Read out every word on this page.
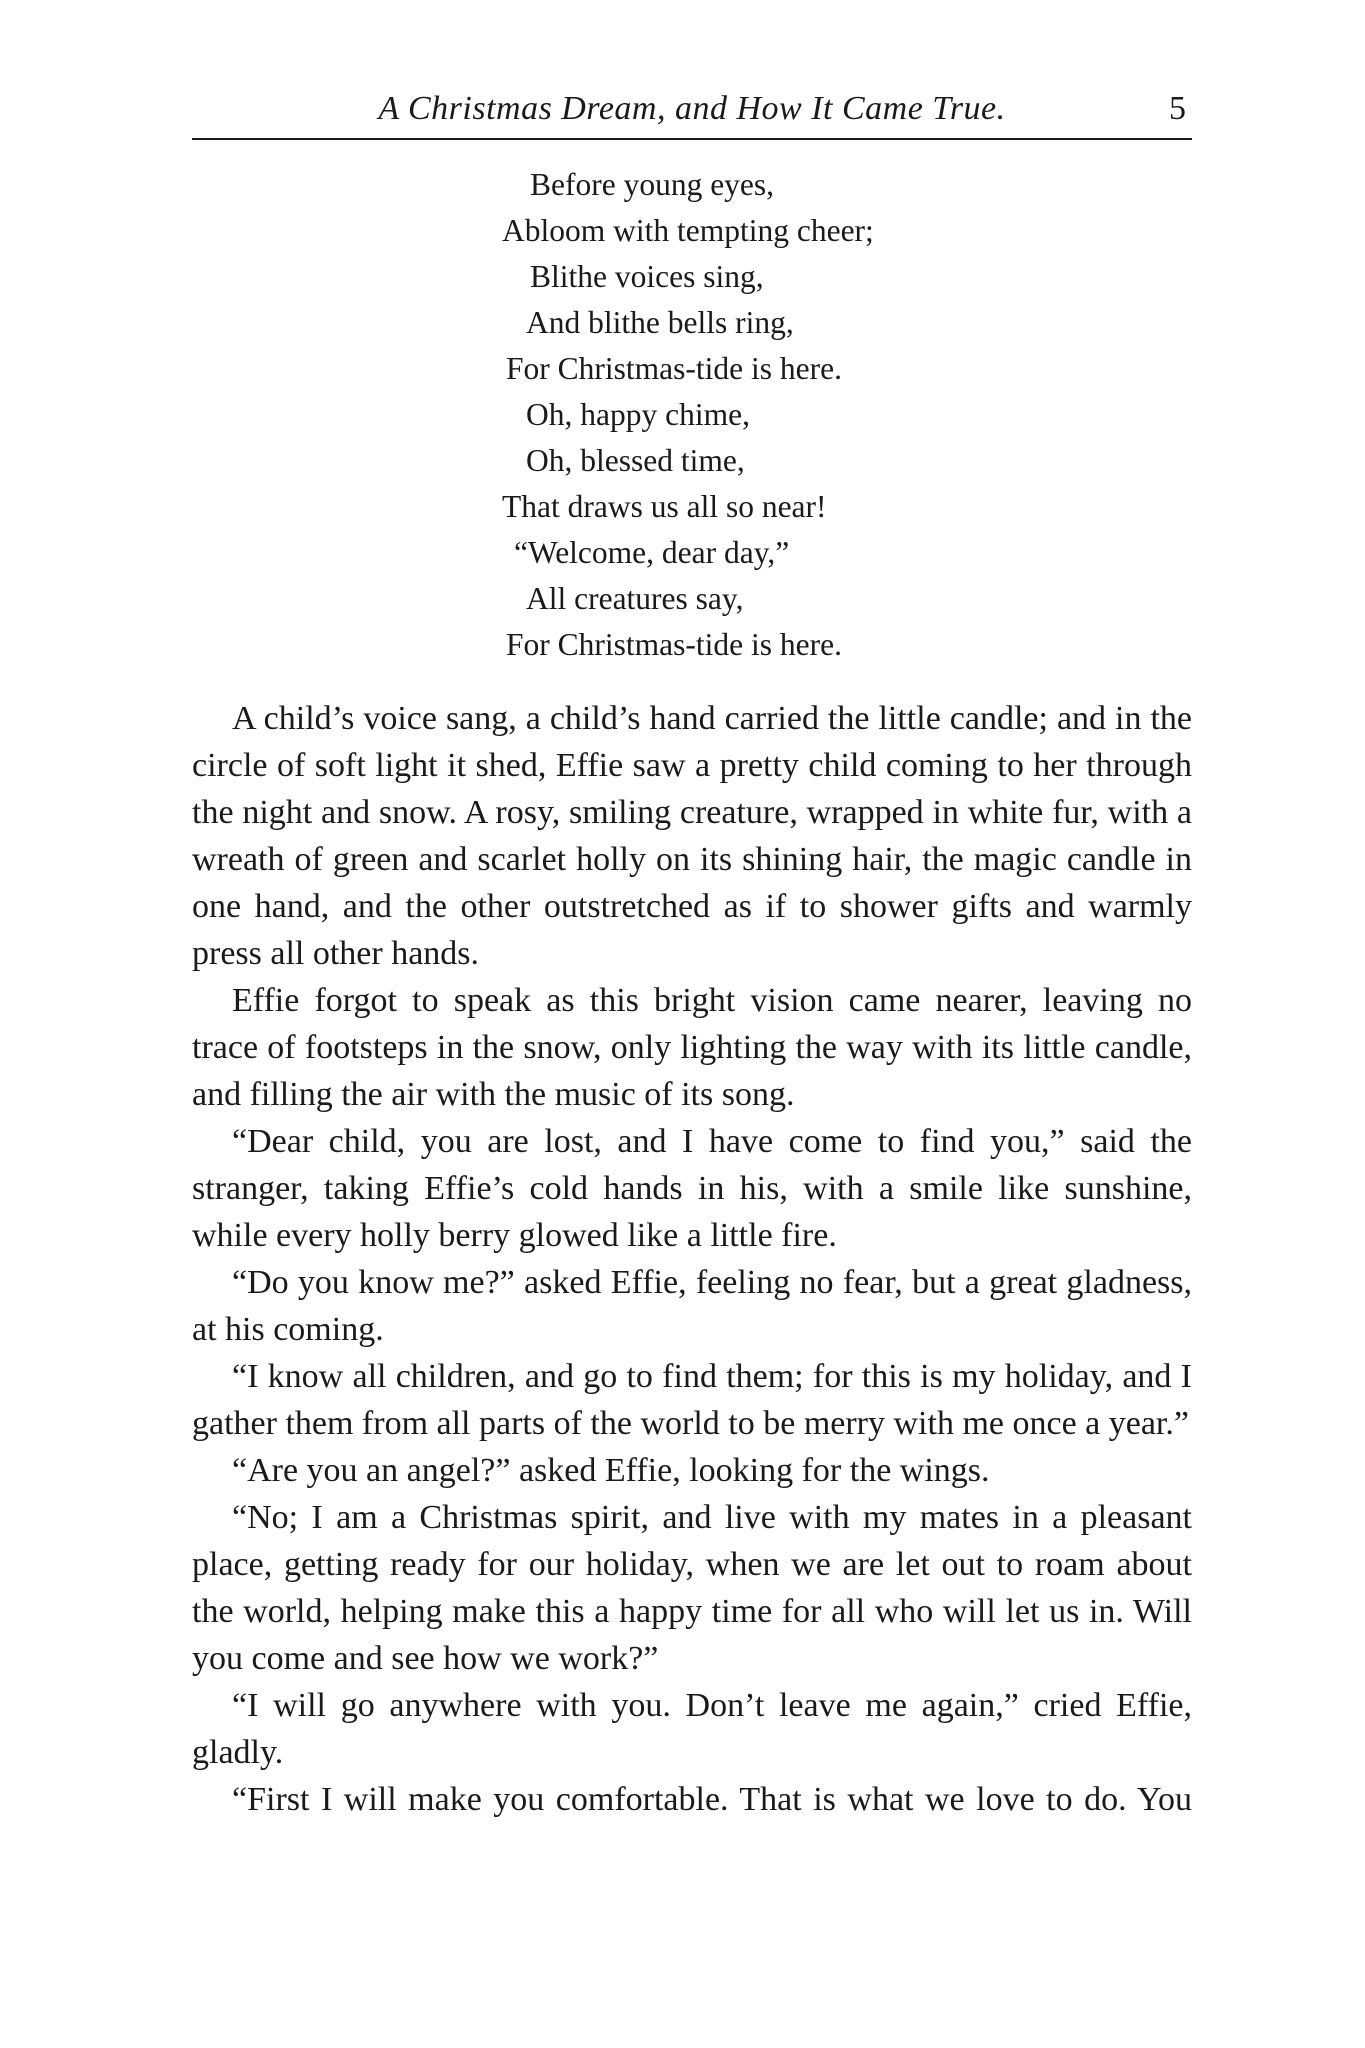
A Christmas Dream, and How It Came True.	5
Before young eyes,
Abloom with tempting cheer;
Blithe voices sing,
And blithe bells ring,
For Christmas-tide is here.
Oh, happy chime,
Oh, blessed time,
That draws us all so near!
“Welcome, dear day,”
All creatures say,
For Christmas-tide is here.

A child’s voice sang, a child’s hand carried the little candle; and in the circle of soft light it shed, Effie saw a pretty child coming to her through the night and snow. A rosy, smiling creature, wrapped in white fur, with a wreath of green and scarlet holly on its shining hair, the magic candle in one hand, and the other outstretched as if to shower gifts and warmly press all other hands.

Effie forgot to speak as this bright vision came nearer, leaving no trace of footsteps in the snow, only lighting the way with its little candle, and filling the air with the music of its song.

“Dear child, you are lost, and I have come to find you,” said the stranger, taking Effie’s cold hands in his, with a smile like sunshine, while every holly berry glowed like a little fire.

“Do you know me?” asked Effie, feeling no fear, but a great gladness, at his coming.

“I know all children, and go to find them; for this is my holiday, and I gather them from all parts of the world to be merry with me once a year.”

“Are you an angel?” asked Effie, looking for the wings.

“No; I am a Christmas spirit, and live with my mates in a pleasant place, getting ready for our holiday, when we are let out to roam about the world, helping make this a happy time for all who will let us in. Will you come and see how we work?”

“I will go anywhere with you. Don’t leave me again,” cried Effie, gladly.

“First I will make you comfortable. That is what we love to do. You
